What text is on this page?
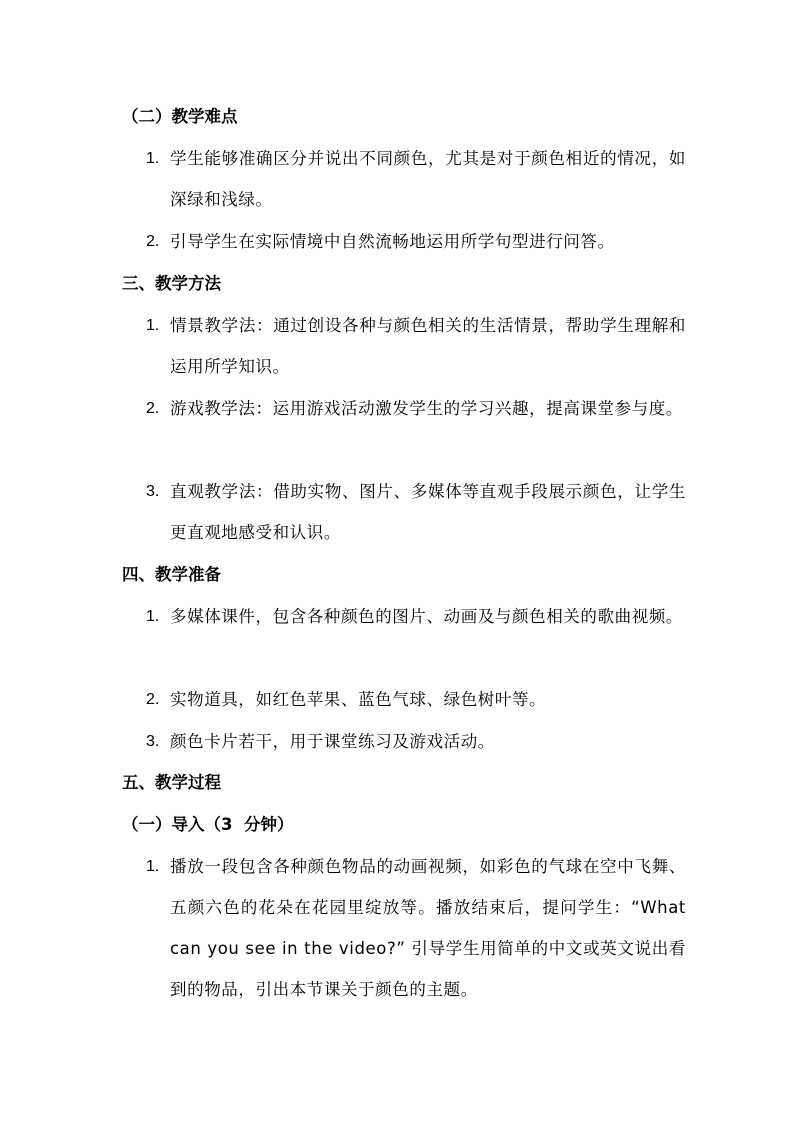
（二）教学难点
1. 学生能够准确区分并说出不同颜色，尤其是对于颜色相近的情况，如深绿和浅绿。
2. 引导学生在实际情境中自然流畅地运用所学句型进行问答。
三、教学方法
1. 情景教学法：通过创设各种与颜色相关的生活情景，帮助学生理解和运用所学知识。
2. 游戏教学法：运用游戏活动激发学生的学习兴趣，提高课堂参与度。
3. 直观教学法：借助实物、图片、多媒体等直观手段展示颜色，让学生更直观地感受和认识。
四、教学准备
1. 多媒体课件，包含各种颜色的图片、动画及与颜色相关的歌曲视频。
2. 实物道具，如红色苹果、蓝色气球、绿色树叶等。
3. 颜色卡片若干，用于课堂练习及游戏活动。
五、教学过程
（一）导入（3  分钟）
1. 播放一段包含各种颜色物品的动画视频，如彩色的气球在空中飞舞、五颜六色的花朵在花园里绽放等。播放结束后，提问学生：“What can you see in the video?” 引导学生用简单的中文或英文说出看到的物品，引出本节课关于颜色的主题。
